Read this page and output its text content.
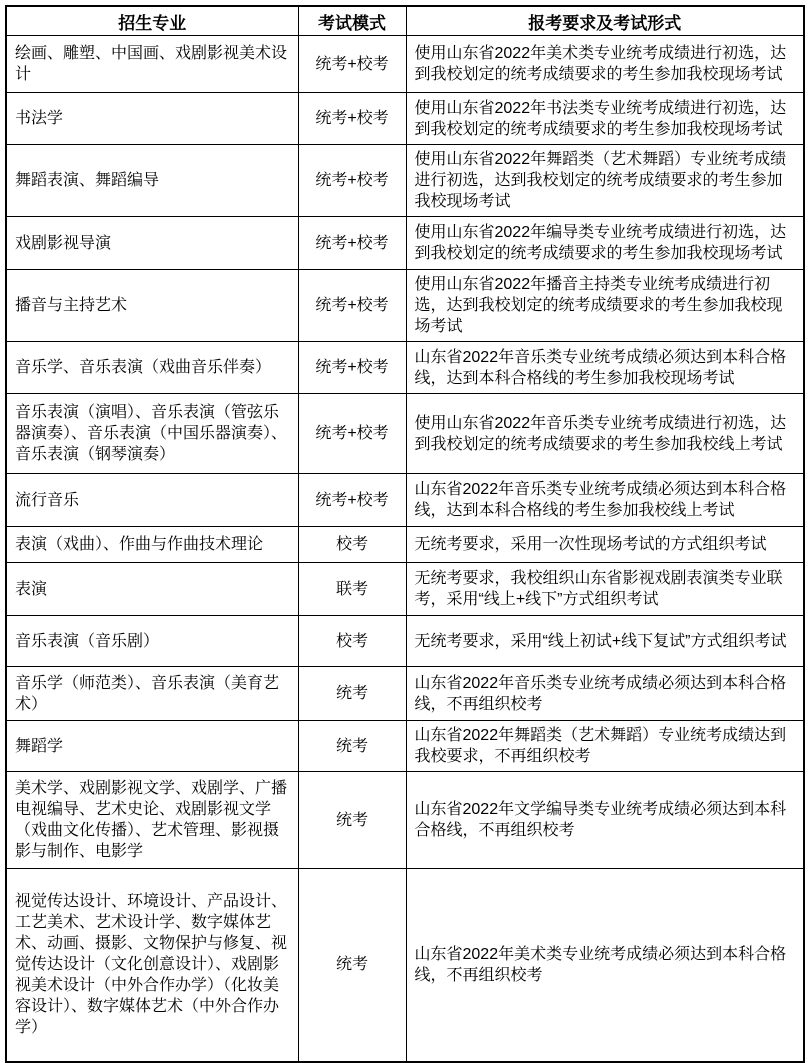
招生专业	考试模式	报考要求及考试形式
绘画、雕塑、中国画、戏剧影视美术设计	统考+校考	使用山东省2022年美术类专业统考成绩进行初选，达到我校划定的统考成绩要求的考生参加我校现场考试
书法学	统考+校考	使用山东省2022年书法类专业统考成绩进行初选，达到我校划定的统考成绩要求的考生参加我校现场考试
舞蹈表演、舞蹈编导	统考+校考	使用山东省2022年舞蹈类（艺术舞蹈）专业统考成绩进行初选，达到我校划定的统考成绩要求的考生参加我校现场考试
戏剧影视导演	统考+校考	使用山东省2022年编导类专业统考成绩进行初选，达到我校划定的统考成绩要求的考生参加我校现场考试
播音与主持艺术	统考+校考	使用山东省2022年播音主持类专业统考成绩进行初选，达到我校划定的统考成绩要求的考生参加我校现场考试
音乐学、音乐表演（戏曲音乐伴奏）	统考+校考	山东省2022年音乐类专业统考成绩必须达到本科合格线，达到本科合格线的考生参加我校现场考试
音乐表演（演唱）、音乐表演（管弦乐器演奏）、音乐表演（中国乐器演奏）、音乐表演（钢琴演奏）	统考+校考	使用山东省2022年音乐类专业统考成绩进行初选，达到我校划定的统考成绩要求的考生参加我校线上考试
流行音乐	统考+校考	山东省2022年音乐类专业统考成绩必须达到本科合格线，达到本科合格线的考生参加我校线上考试
表演（戏曲）、作曲与作曲技术理论	校考	无统考要求，采用一次性现场考试的方式组织考试
表演	联考	无统考要求，我校组织山东省影视戏剧表演类专业联考，采用“线上+线下”方式组织考试
音乐表演（音乐剧）	校考	无统考要求，采用“线上初试+线下复试”方式组织考试
音乐学（师范类）、音乐表演（美育艺术）	统考	山东省2022年音乐类专业统考成绩必须达到本科合格线，不再组织校考
舞蹈学	统考	山东省2022年舞蹈类（艺术舞蹈）专业统考成绩达到我校要求，不再组织校考
美术学、戏剧影视文学、戏剧学、广播电视编导、艺术史论、戏剧影视文学（戏曲文化传播）、艺术管理、影视摄影与制作、电影学	统考	山东省2022年文学编导类专业统考成绩必须达到本科合格线，不再组织校考
视觉传达设计、环境设计、产品设计、工艺美术、艺术设计学、数字媒体艺术、动画、摄影、文物保护与修复、视觉传达设计（文化创意设计）、戏剧影视美术设计（中外合作办学）（化妆美容设计）、数字媒体艺术（中外合作办学）	统考	山东省2022年美术类专业统考成绩必须达到本科合格线，不再组织校考
